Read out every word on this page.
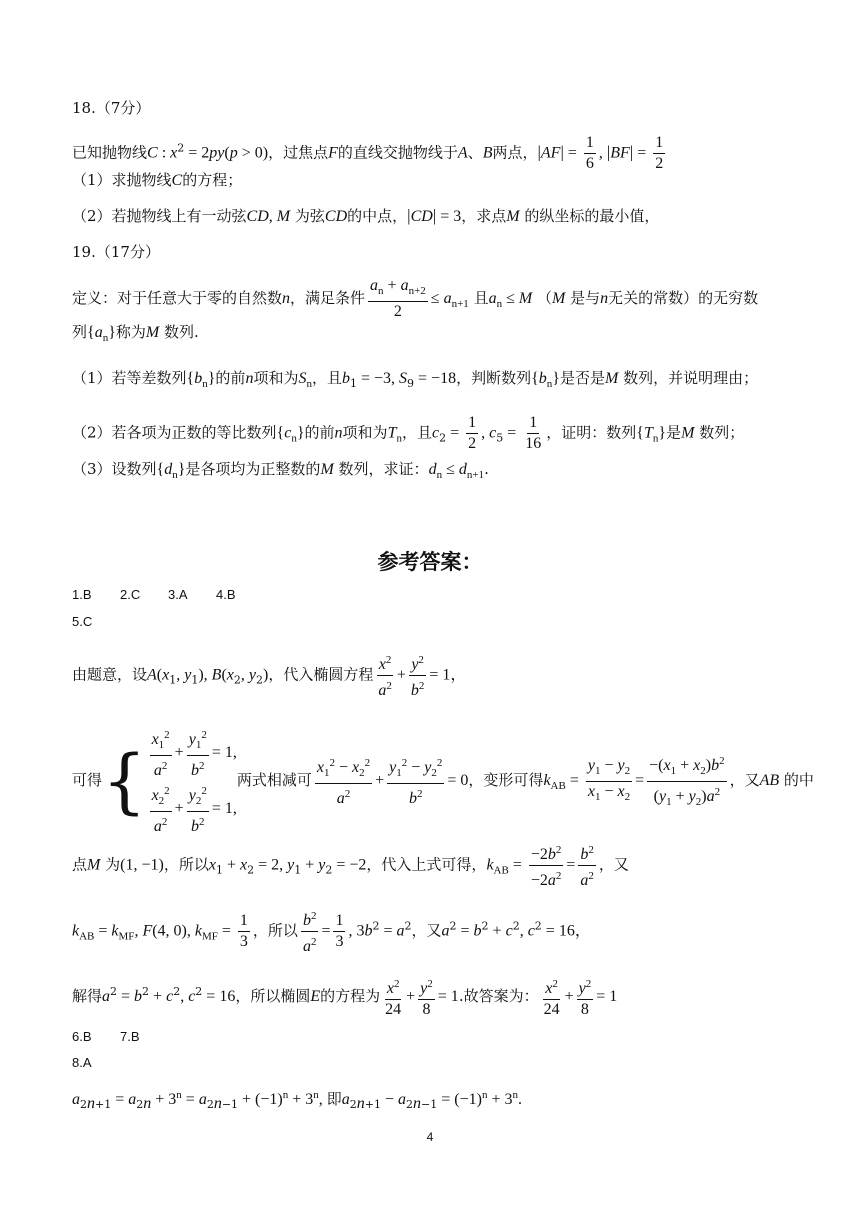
18.（7分）
已知抛物线C : $x^2 = 2py(p > 0)$，过焦点F的直线交抛物线于A、B两点，$|AF| = \frac{1}{6}$ , $|BF| = \frac{1}{2}$
（1）求抛物线C的方程；
（2）若抛物线上有一动弦CD, M 为弦CD的中点，|CD| = 3，求点M 的纵坐标的最小值，
19.（17分）
定义：对于任意大于零的自然数n，满足条件 $\frac{a_n + a_{n+2}}{2} \le a_{n+1}$ 且$a_n \le M$ （M 是与n无关的常数）的无穷数
列$\{a_n\}$称为M 数列.
（1）若等差数列$\{b_n\}$的前n项和为$S_n$，且$b_1 = -3$, $S_9 = -18$，判断数列$\{b_n\}$是否是M 数列，并说明理由；
（2）若各项为正数的等比数列$\{c_n\}$的前n项和为$T_n$，且$c_2 = \frac{1}{2}$ , $c_5 = \frac{1}{16}$ ，证明：数列$\{T_n\}$是M 数列；
（3）设数列$\{d_n\}$是各项均为正整数的M 数列，求证：$d_n \le d_{n+1}$.
参考答案：
1.B 2.C 3.A 4.B
5.C
由题意，设$A(x_1$, $y_1$), $B(x_2$, $y_2$)，代入椭圆方程 $\frac{x^2}{a^2} + \frac{y^2}{b^2} = 1$，
可得{ $\frac{x_1^2}{a^2} + \frac{y_1^2}{b^2} = 1$,
$\frac{x_2^2}{a^2} + \frac{y_2^2}{b^2} = 1$,
两式相减可 $\frac{x_1^2 - x_2^2}{a^2} + \frac{y_1^2 - y_2^2}{b^2} = 0$，变形可得$k_{AB} = \frac{y_1 - y_2}{x_1 - x_2} = \frac{-(x_1 + x_2)b^2}{(y_1 + y_2)a^2}$ ，又AB 的中
点M 为(1, −1)，所以$x_1 + x_2 = 2$, $y_1 + y_2 = -2$，代入上式可得，$k_{AB} = \frac{-2b^2}{-2a^2} = \frac{b^2}{a^2}$ ，又
$k_{AB} = k_{MF}$, F(4, 0), $k_{MF} = \frac{1}{3}$ ，所以 $\frac{b^2}{a^2} = \frac{1}{3}$ , $3b^2 = a^2$，又$a^2 = b^2 + c^2$, $c^2 = 16$，
解得$a^2 = b^2 + c^2$, $c^2 = 16$，所以椭圆E的方程为 $\frac{x^2}{24} + \frac{y^2}{8} = 1$.故答案为： $\frac{x^2}{24} + \frac{y^2}{8} = 1$
6.B 7.B
8.A
$a_{2n+1} = a_{2n} + 3^n = a_{2n-1} + (-1)^n + 3^n$, 即$a_{2n+1} - a_{2n-1} = (-1)^n + 3^n$.
4
